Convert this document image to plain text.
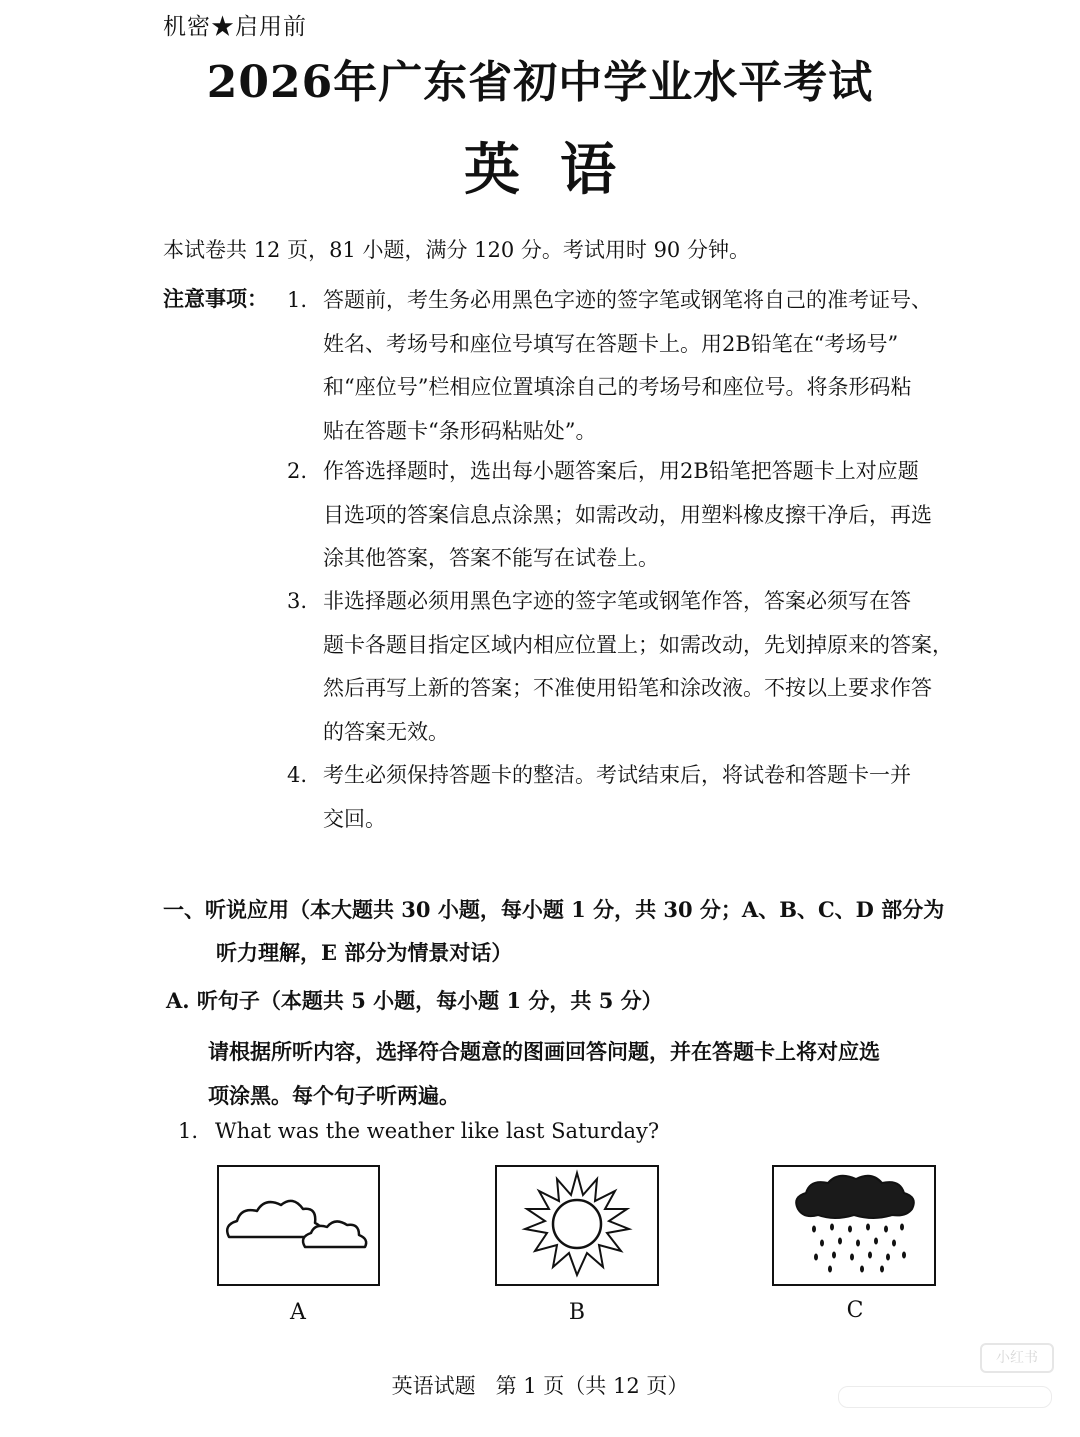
机密★启用前
2026年广东省初中学业水平考试
英语
本试卷共 12 页，81 小题，满分 120 分。考试用时 90 分钟。
注意事项： 1. 答题前，考生务必用黑色字迹的签字笔或钢笔将自己的准考证号、
姓名、考场号和座位号填写在答题卡上。用2B铅笔在“考场号”
和“座位号”栏相应位置填涂自己的考场号和座位号。将条形码粘
贴在答题卡“条形码粘贴处”。
2. 作答选择题时，选出每小题答案后，用2B铅笔把答题卡上对应题
目选项的答案信息点涂黑；如需改动，用塑料橡皮擦干净后，再选
涂其他答案，答案不能写在试卷上。
3. 非选择题必须用黑色字迹的签字笔或钢笔作答，答案必须写在答
题卡各题目指定区域内相应位置上；如需改动，先划掉原来的答案，
然后再写上新的答案；不准使用铅笔和涂改液。不按以上要求作答
的答案无效。
4. 考生必须保持答题卡的整洁。考试结束后，将试卷和答题卡一并
交回。
一、听说应用（本大题共 30 小题，每小题 1 分，共 30 分；A、B、C、D 部分为
听力理解，E 部分为情景对话）
A. 听句子（本题共 5 小题，每小题 1 分，共 5 分）
请根据所听内容，选择符合题意的图画回答问题，并在答题卡上将对应选
项涂黑。每个句子听两遍。
1. What was the weather like last Saturday?
A	B	C
英语试题 第 1 页（共 12 页）
小红书
